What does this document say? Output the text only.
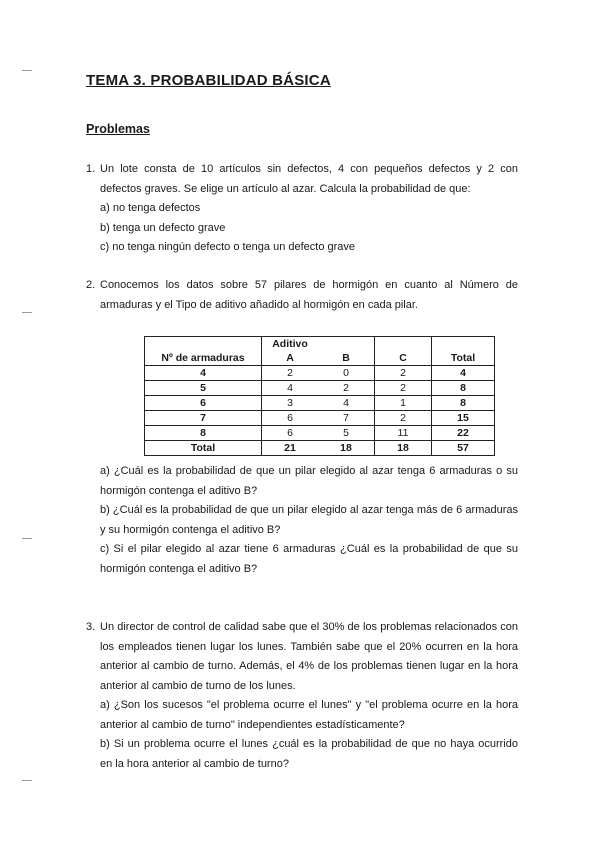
TEMA 3. PROBABILIDAD BÁSICA
Problemas
1. Un lote consta de 10 artículos sin defectos, 4 con pequeños defectos y 2 con defectos graves. Se elige un artículo al azar. Calcula la probabilidad de que:
a) no tenga defectos
b) tenga un defecto grave
c) no tenga ningún defecto o tenga un defecto grave
2. Conocemos los datos sobre 57 pilares de hormigón en cuanto al Número de armaduras y el Tipo de aditivo añadido al hormigón en cada pilar.
	Aditivo			
Nº de armaduras	A	B	C	Total
4	2	0	2	4
5	4	2	2	8
6	3	4	1	8
7	6	7	2	15
8	6	5	11	22
Total	21	18	18	57
a) ¿Cuál es la probabilidad de que un pilar elegido al azar tenga 6 armaduras o su hormigón contenga el aditivo B?
b) ¿Cuál es la probabilidad de que un pilar elegido al azar tenga más de 6 armaduras y su hormigón contenga el aditivo B?
c) Si el pilar elegido al azar tiene 6 armaduras ¿Cuál es la probabilidad de que su hormigón contenga el aditivo B?
3. Un director de control de calidad sabe que el 30% de los problemas relacionados con los empleados tienen lugar los lunes. También sabe que el 20% ocurren en la hora anterior al cambio de turno. Además, el 4% de los problemas tienen lugar en la hora anterior al cambio de turno de los lunes.
a) ¿Son los sucesos "el problema ocurre el lunes" y "el problema ocurre en la hora anterior al cambio de turno" independientes estadísticamente?
b) Si un problema ocurre el lunes ¿cuál es la probabilidad de que no haya ocurrido en la hora anterior al cambio de turno?
